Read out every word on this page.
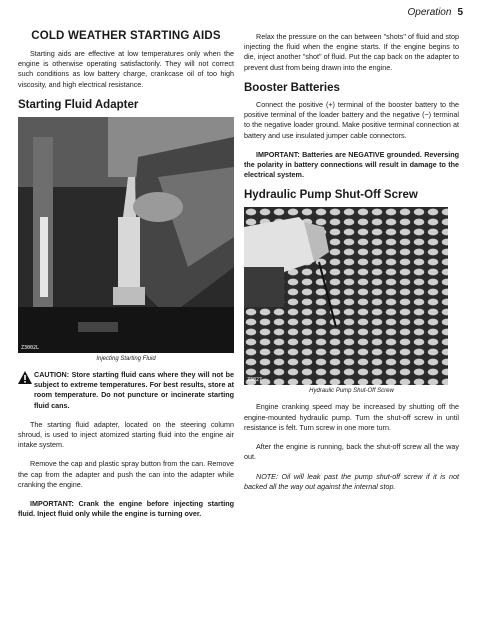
Operation 5
COLD WEATHER STARTING AIDS

Starting aids are effective at low temperatures only when the engine is otherwise operating satisfactorily. They will not correct such conditions as low battery charge, crankcase oil of too high viscosity, and high electrical resistance.

Starting Fluid Adapter
Z3002L
Injecting Starting Fluid

CAUTION: Store starting fluid cans where they will not be subject to extreme temperatures. For best results, store at room temperature. Do not puncture or incinerate starting fluid cans.

The starting fluid adapter, located on the steering column shroud, is used to inject atomized starting fluid into the engine air intake system.

Remove the cap and plastic spray button from the can. Remove the cap from the adapter and push the can into the adapter while cranking the engine.

IMPORTANT: Crank the engine before injecting starting fluid. Inject fluid only while the engine is turning over.

Relax the pressure on the can between "shots" of fluid and stop injecting the fluid when the engine starts. If the engine begins to die, inject another "shot" of fluid. Put the cap back on the adapter to prevent dust from being drawn into the engine.

Booster Batteries

Connect the positive (+) terminal of the booster battery to the positive terminal of the loader battery and the negative (−) terminal to the negative loader ground. Make positive terminal connection at battery and use insulated jumper cable connectors.

IMPORTANT: Batteries are NEGATIVE grounded. Reversing the polarity in battery connections will result in damage to the electrical system.

Hydraulic Pump Shut-Off Screw
Z3027
Hydraulic Pump Shut-Off Screw

Engine cranking speed may be increased by shutting off the engine-mounted hydraulic pump. Turn the shut-off screw in until resistance is felt. Turn screw in one more turn.

After the engine is running, back the shut-off screw all the way out.

NOTE: Oil will leak past the pump shut-off screw if it is not backed all the way out against the internal stop.
